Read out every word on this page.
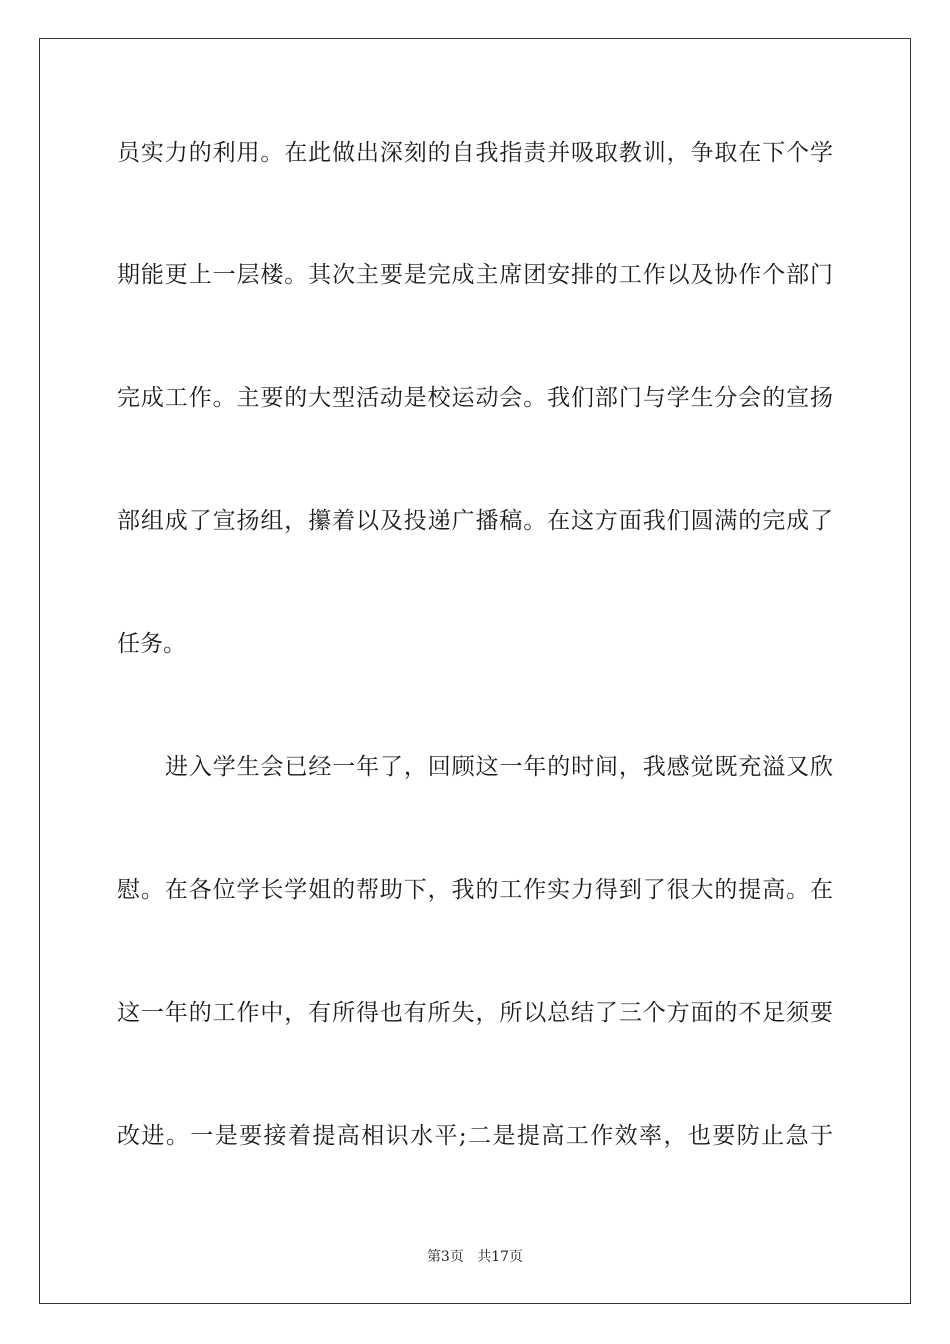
员实力的利用。在此做出深刻的自我指责并吸取教训，争取在下个学
期能更上一层楼。其次主要是完成主席团安排的工作以及协作个部门
完成工作。主要的大型活动是校运动会。我们部门与学生分会的宣扬
部组成了宣扬组，攥着以及投递广播稿。在这方面我们圆满的完成了
任务。
进入学生会已经一年了，回顾这一年的时间，我感觉既充溢又欣
慰。在各位学长学姐的帮助下，我的工作实力得到了很大的提高。在
这一年的工作中，有所得也有所失，所以总结了三个方面的不足须要
改进。一是要接着提高相识水平;二是提高工作效率，也要防止急于
第3页 共17页
